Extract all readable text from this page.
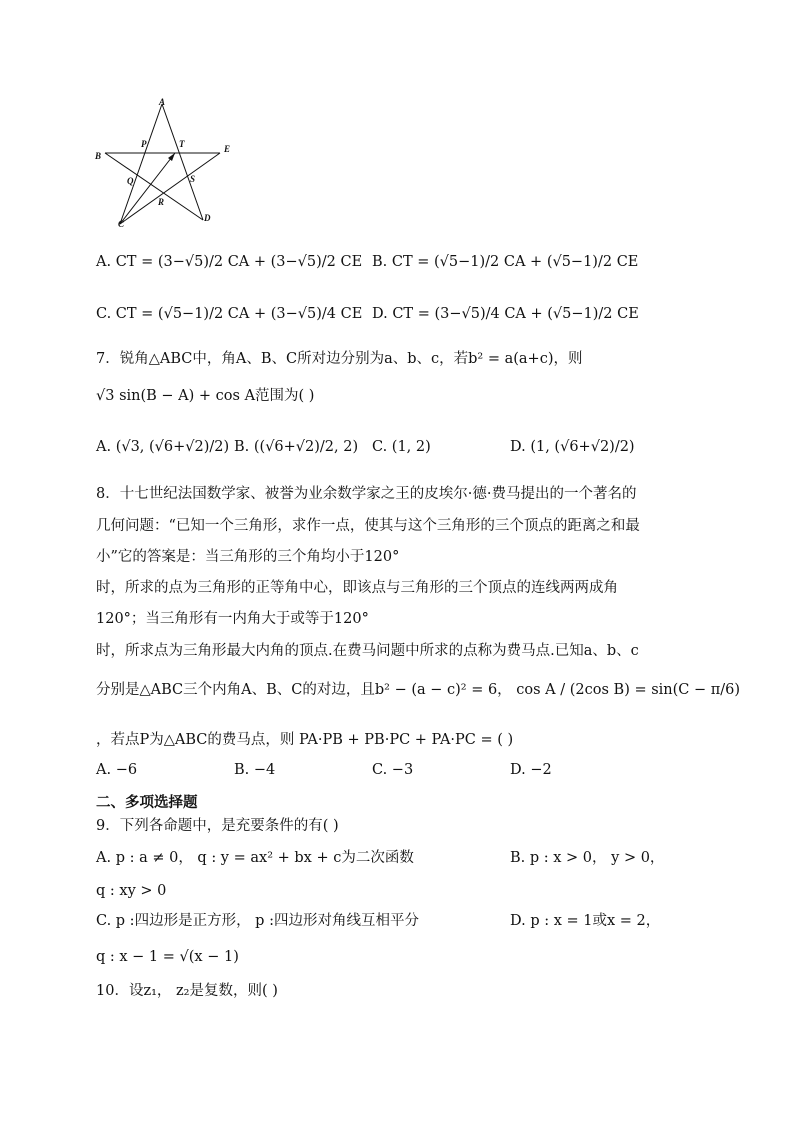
A
B
E
P	T
Q	S
R
C
D
A. CT = (3−√5)/2 CA + (3−√5)/2 CE B. CT = (√5−1)/2 CA + (√5−1)/2 CE
C. CT = (√5−1)/2 CA + (3−√5)/4 CE D. CT = (3−√5)/4 CA + (√5−1)/2 CE
7．锐角△ABC中，角A、B、C所对边分别为a、b、c，若b² = a(a+c)，则
√3 sin(B − A) + cos A范围为( )
A. (√3, (√6+√2)/2) B. ((√6+√2)/2, 2) C. (1, 2)	D. (1, (√6+√2)/2)
8．十七世纪法国数学家、被誉为业余数学家之王的皮埃尔·德·费马提出的一个著名的
几何问题：“已知一个三角形，求作一点，使其与这个三角形的三个顶点的距离之和最
小”它的答案是：当三角形的三个角均小于120°
时，所求的点为三角形的正等角中心，即该点与三角形的三个顶点的连线两两成角
120°；当三角形有一内角大于或等于120°
时，所求点为三角形最大内角的顶点.在费马问题中所求的点称为费马点.已知a、b、c
分别是△ABC三个内角A、B、C的对边，且b² − (a − c)² = 6， cos A / (2cos B) = sin(C − π/6)
，若点P为△ABC的费马点，则 PA·PB + PB·PC + PA·PC = ( )
A. −6	B. −4	C. −3	D. −2
二、多项选择题
9．下列各命题中，是充要条件的有( )
A. p : a ≠ 0， q : y = ax² + bx + c为二次函数	B. p : x > 0， y > 0，
q : xy > 0
C. p :四边形是正方形， p :四边形对角线互相平分	D. p : x = 1或x = 2，
q : x − 1 = √(x − 1)
10．设z₁， z₂是复数，则( )
